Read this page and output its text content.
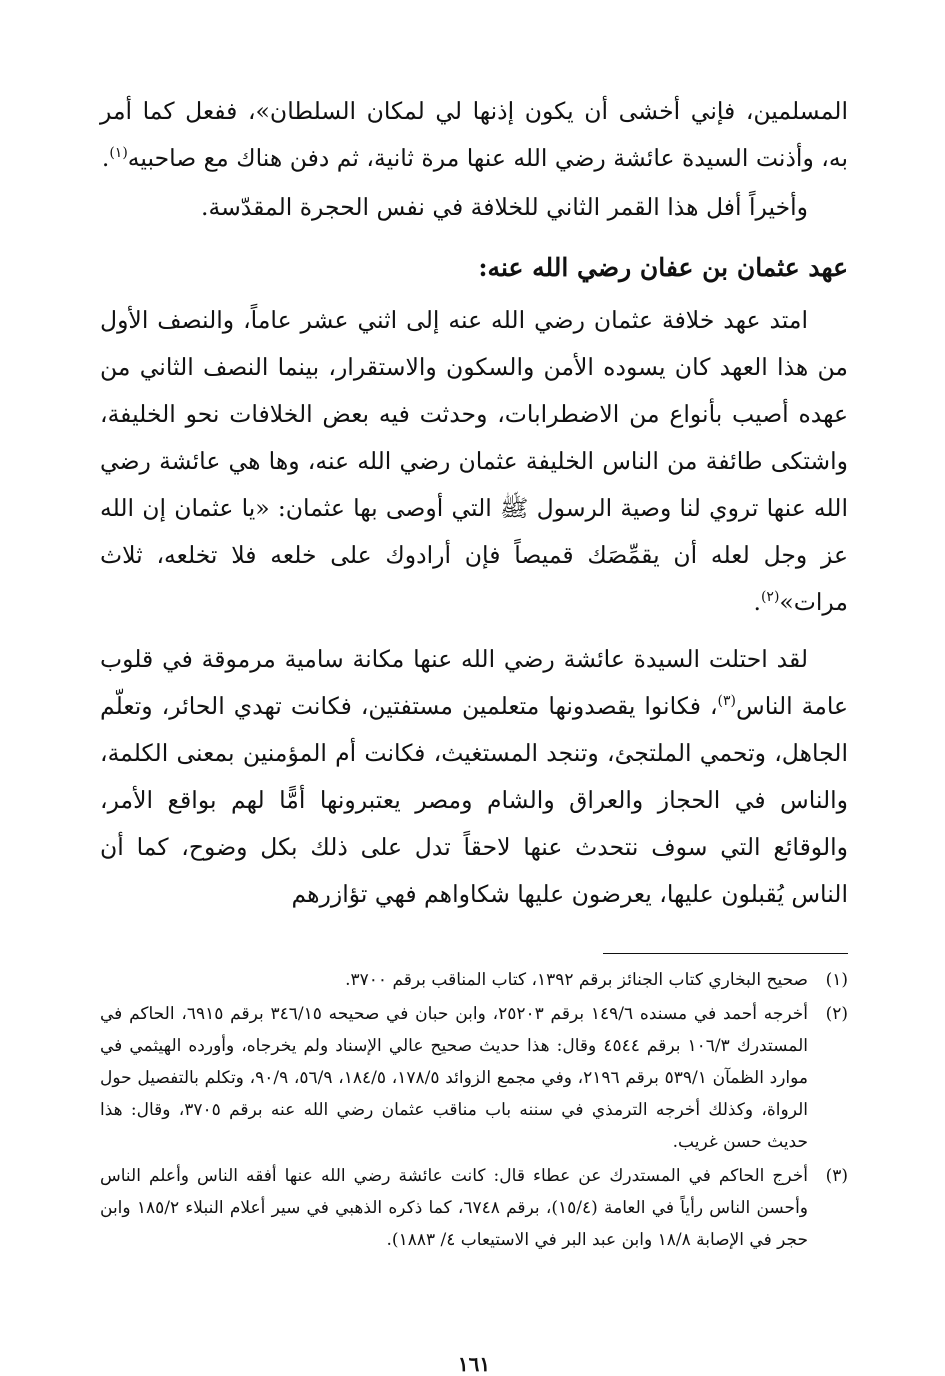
المسلمين، فإني أخشى أن يكون إذنها لي لمكان السلطان»، ففعل كما أمر به، وأذنت السيدة عائشة رضي الله عنها مرة ثانية، ثم دفن هناك مع صاحبيه$^{(١)}$.

وأخيراً أفل هذا القمر الثاني للخلافة في نفس الحجرة المقدّسة.

عهد عثمان بن عفان رضي الله عنه:

امتد عهد خلافة عثمان رضي الله عنه إلى اثني عشر عاماً، والنصف الأول من هذا العهد كان يسوده الأمن والسكون والاستقرار، بينما النصف الثاني من عهده أصيب بأنواع من الاضطرابات، وحدثت فيه بعض الخلافات نحو الخليفة، واشتكى طائفة من الناس الخليفة عثمان رضي الله عنه، وها هي عائشة رضي الله عنها تروي لنا وصية الرسول ﷺ التي أوصى بها عثمان: «يا عثمان إن الله عز وجل لعله أن يقمِّصَك قميصاً فإن أرادوك على خلعه فلا تخلعه، ثلاث مرات»$^{(٢)}$.

لقد احتلت السيدة عائشة رضي الله عنها مكانة سامية مرموقة في قلوب عامة الناس$^{(٣)}$، فكانوا يقصدونها متعلمين مستفتين، فكانت تهدي الحائر، وتعلّم الجاهل، وتحمي الملتجئ، وتنجد المستغيث، فكانت أم المؤمنين بمعنى الكلمة، والناس في الحجاز والعراق والشام ومصر يعتبرونها أمًّا لهم بواقع الأمر، والوقائع التي سوف نتحدث عنها لاحقاً تدل على ذلك بكل وضوح، كما أن الناس يُقبلون عليها، يعرضون عليها شكاواهم فهي تؤازرهم

(١)
صحيح البخاري كتاب الجنائز برقم ١٣٩٢، كتاب المناقب برقم ٣٧٠٠.
(٢)
أخرجه أحمد في مسنده ١٤٩/٦ برقم ٢٥٢٠٣، وابن حبان في صحيحه ٣٤٦/١٥ برقم ٦٩١٥، الحاكم في المستدرك ١٠٦/٣ برقم ٤٥٤٤ وقال: هذا حديث صحيح عالي الإسناد ولم يخرجاه، وأورده الهيثمي في موارد الظمآن ٥٣٩/١ برقم ٢١٩٦، وفي مجمع الزوائد ١٧٨/٥، ١٨٤/٥، ٥٦/٩، ٩٠/٩، وتكلم بالتفصيل حول الرواة، وكذلك أخرجه الترمذي في سننه باب مناقب عثمان رضي الله عنه برقم ٣٧٠٥، وقال: هذا حديث حسن غريب.
(٣)
أخرج الحاكم في المستدرك عن عطاء قال: كانت عائشة رضي الله عنها أفقه الناس وأعلم الناس وأحسن الناس رأياً في العامة (١٥/٤)، برقم ٦٧٤٨، كما ذكره الذهبي في سير أعلام النبلاء ١٨٥/٢ وابن حجر في الإصابة ١٨/٨ وابن عبد البر في الاستيعاب ٤/ ١٨٨٣).
١٦١
